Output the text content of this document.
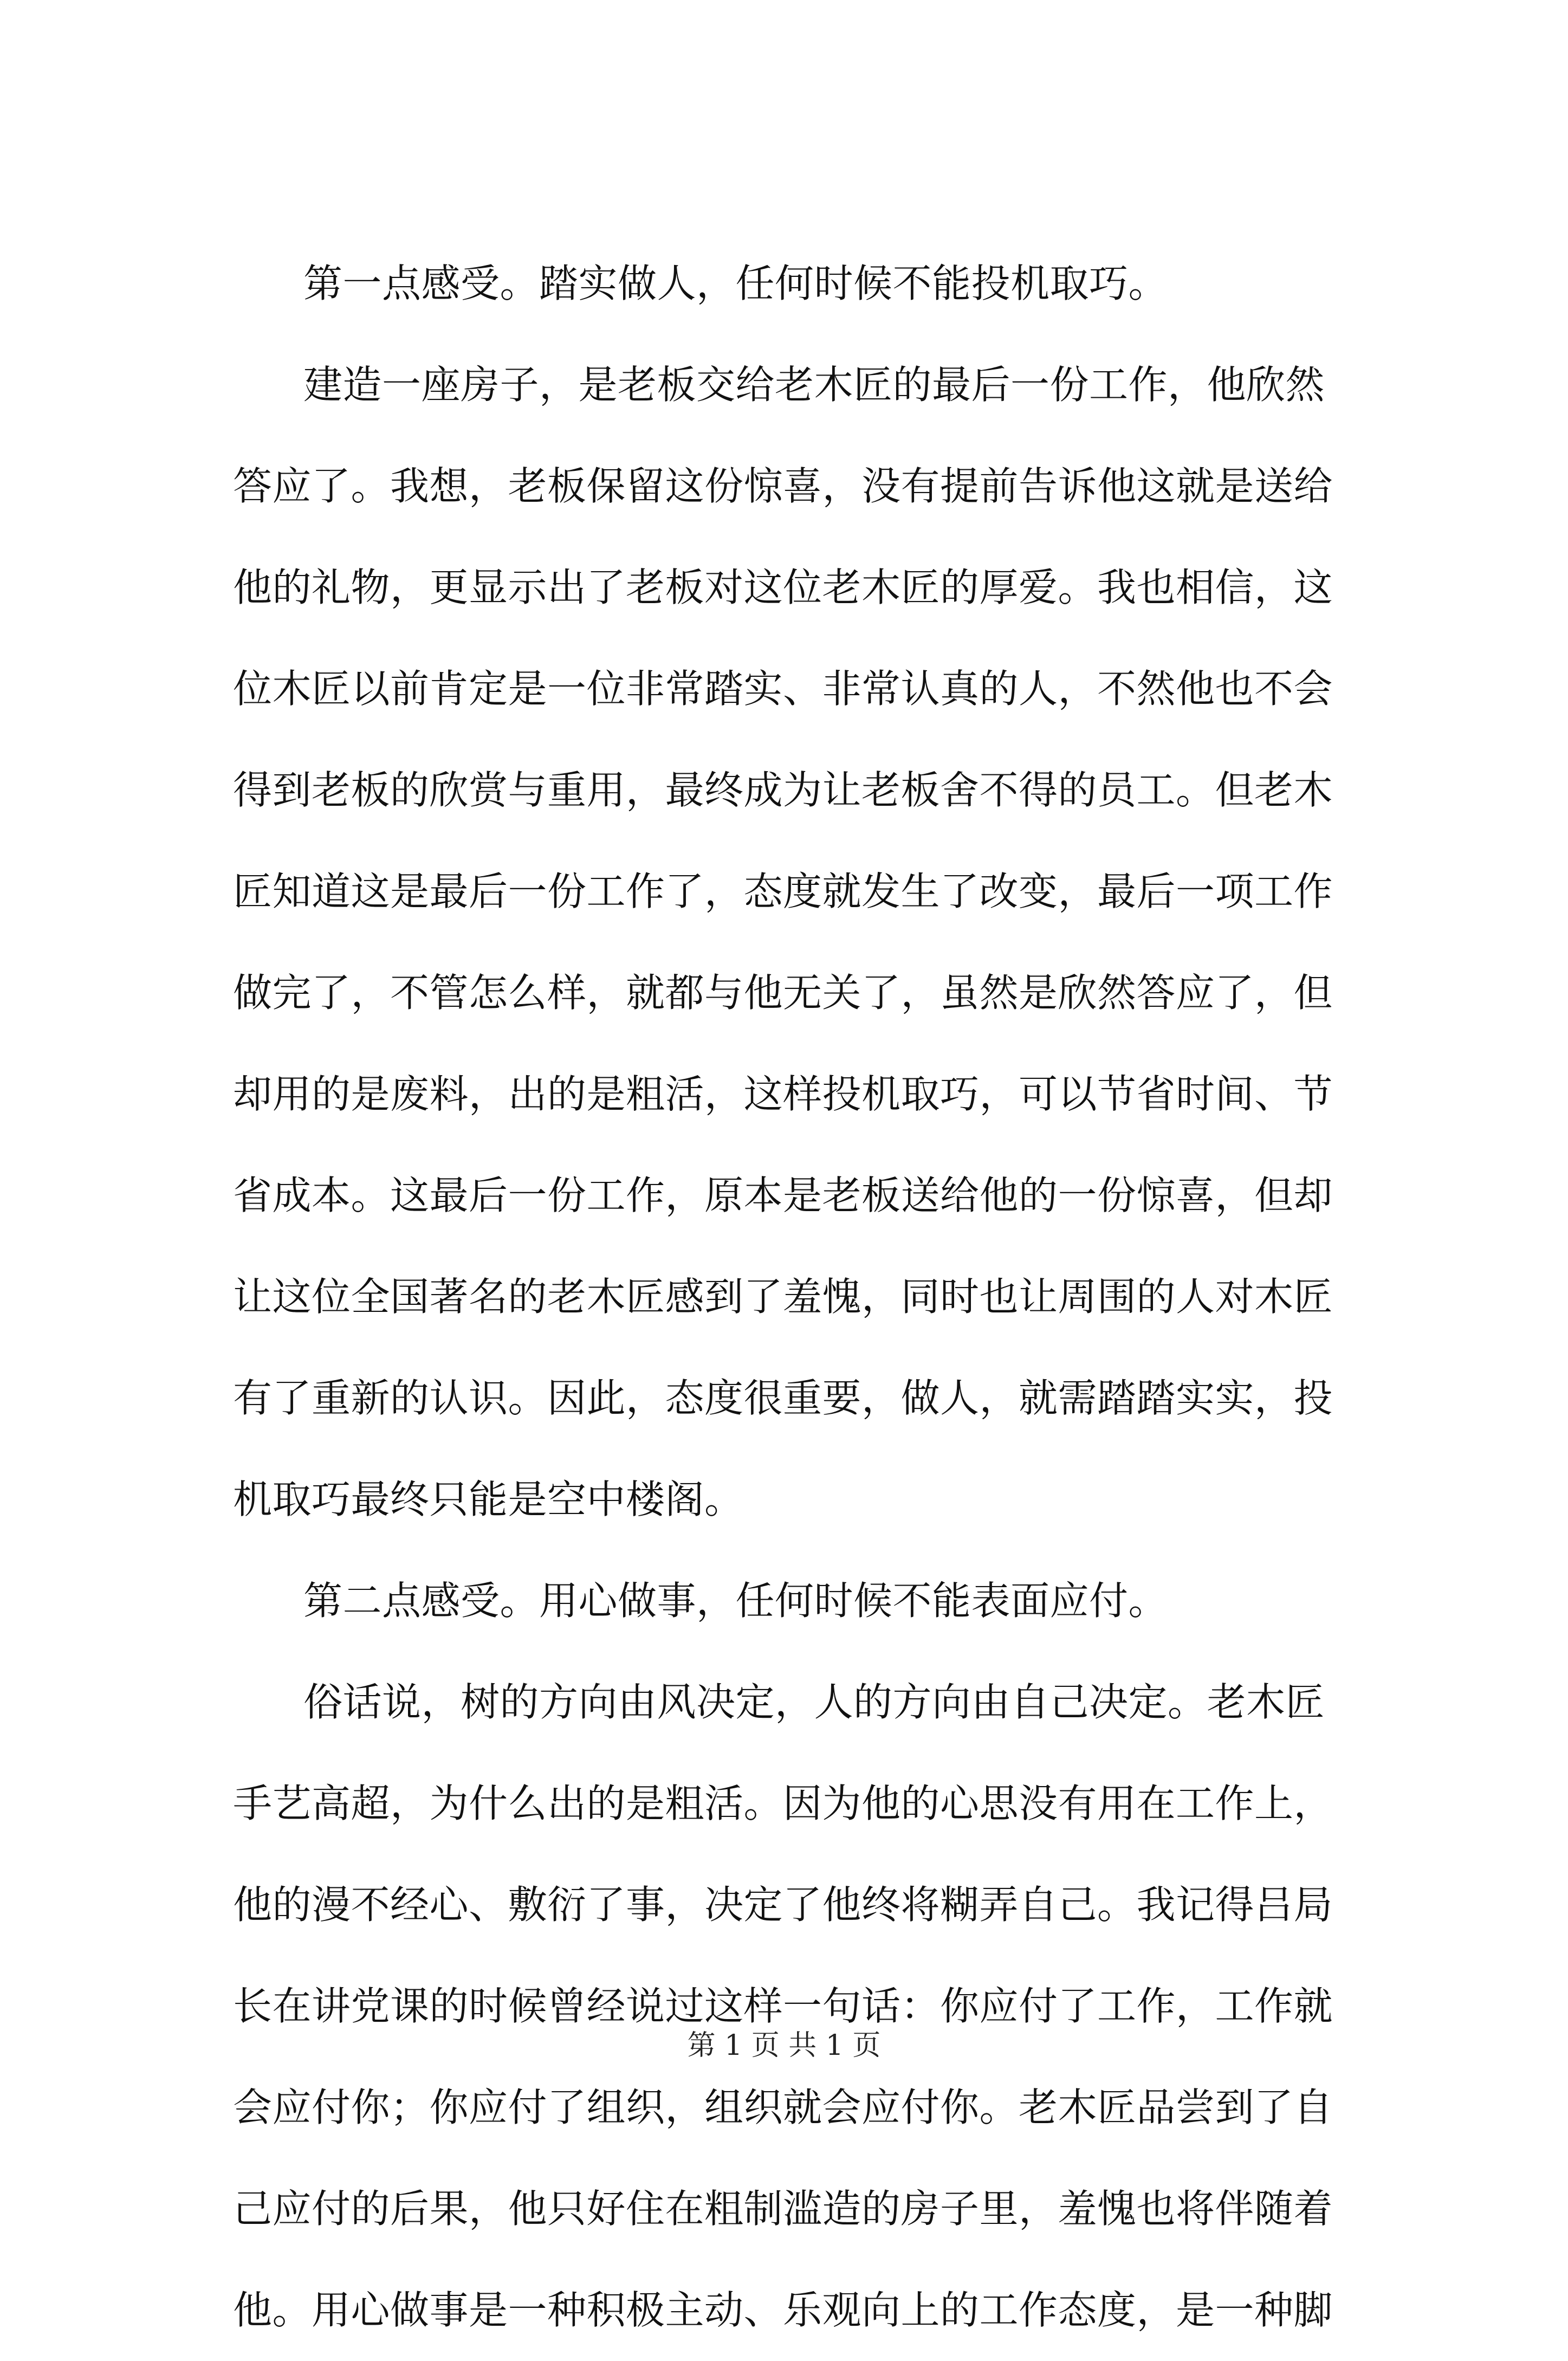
第一点感受。踏实做人，任何时候不能投机取巧。
建造一座房子，是老板交给老木匠的最后一份工作，他欣然
答应了。我想，老板保留这份惊喜，没有提前告诉他这就是送给
他的礼物，更显示出了老板对这位老木匠的厚爱。我也相信，这
位木匠以前肯定是一位非常踏实、非常认真的人，不然他也不会
得到老板的欣赏与重用，最终成为让老板舍不得的员工。但老木
匠知道这是最后一份工作了，态度就发生了改变，最后一项工作
做完了，不管怎么样，就都与他无关了，虽然是欣然答应了，但
却用的是废料，出的是粗活，这样投机取巧，可以节省时间、节
省成本。这最后一份工作，原本是老板送给他的一份惊喜，但却
让这位全国著名的老木匠感到了羞愧，同时也让周围的人对木匠
有了重新的认识。因此，态度很重要，做人，就需踏踏实实，投
机取巧最终只能是空中楼阁。
第二点感受。用心做事，任何时候不能表面应付。
俗话说，树的方向由风决定，人的方向由自己决定。老木匠
手艺高超，为什么出的是粗活。因为他的心思没有用在工作上，
他的漫不经心、敷衍了事，决定了他终将糊弄自己。我记得吕局
长在讲党课的时候曾经说过这样一句话：你应付了工作，工作就
会应付你；你应付了组织，组织就会应付你。老木匠品尝到了自
己应付的后果，他只好住在粗制滥造的房子里，羞愧也将伴随着
他。用心做事是一种积极主动、乐观向上的工作态度，是一种脚
第 1 页 共 1 页
